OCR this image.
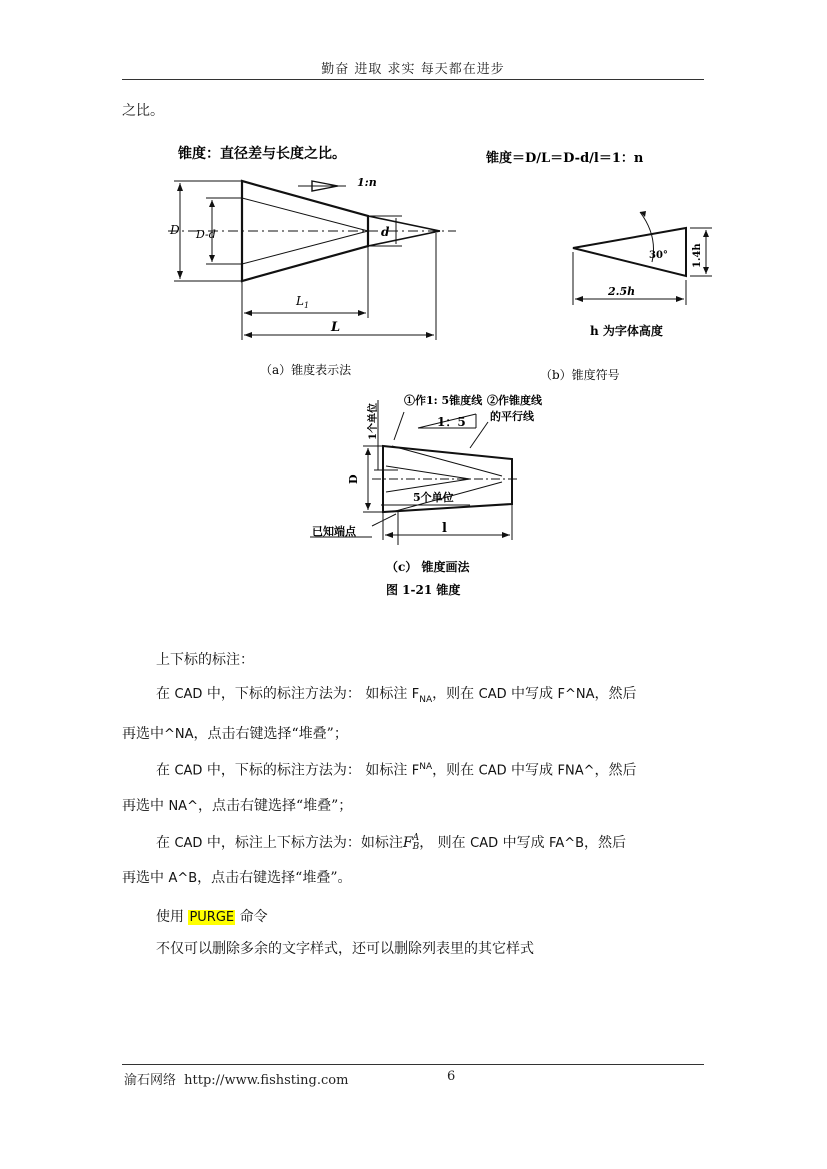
勤奋 进取 求实 每天都在进步
之比。
锥度：直径差与长度之比。
1:n
D D-d	d
$L_1$
L
（a）锥度表示法
锥度＝D/L＝D-d/l＝1：n
30° 1.4h
2.5h
h 为字体高度
（b）锥度符号
1个单位
①作1: 5锥度线 ②作锥度线
的平行线
1：5
D
5个单位
已知端点	l
（c） 锥度画法
图 1-21 锥度
上下标的标注：
在 CAD 中，下标的标注方法为： 如标注 $F_{NA}$，则在 CAD 中写成 F^NA，然后
再选中^NA，点击右键选择“堆叠”；
在 CAD 中，下标的标注方法为： 如标注 $F^{NA}$，则在 CAD 中写成 FNA^，然后
再选中 NA^，点击右键选择“堆叠”；
在 CAD 中，标注上下标方法为：如标注FA
B， 则在 CAD 中写成 FA^B，然后
再选中 A^B，点击右键选择“堆叠”。
使用 PURGE 命令
不仅可以删除多余的文字样式，还可以删除列表里的其它样式
渝石网络 http://www.fishsting.com	6
